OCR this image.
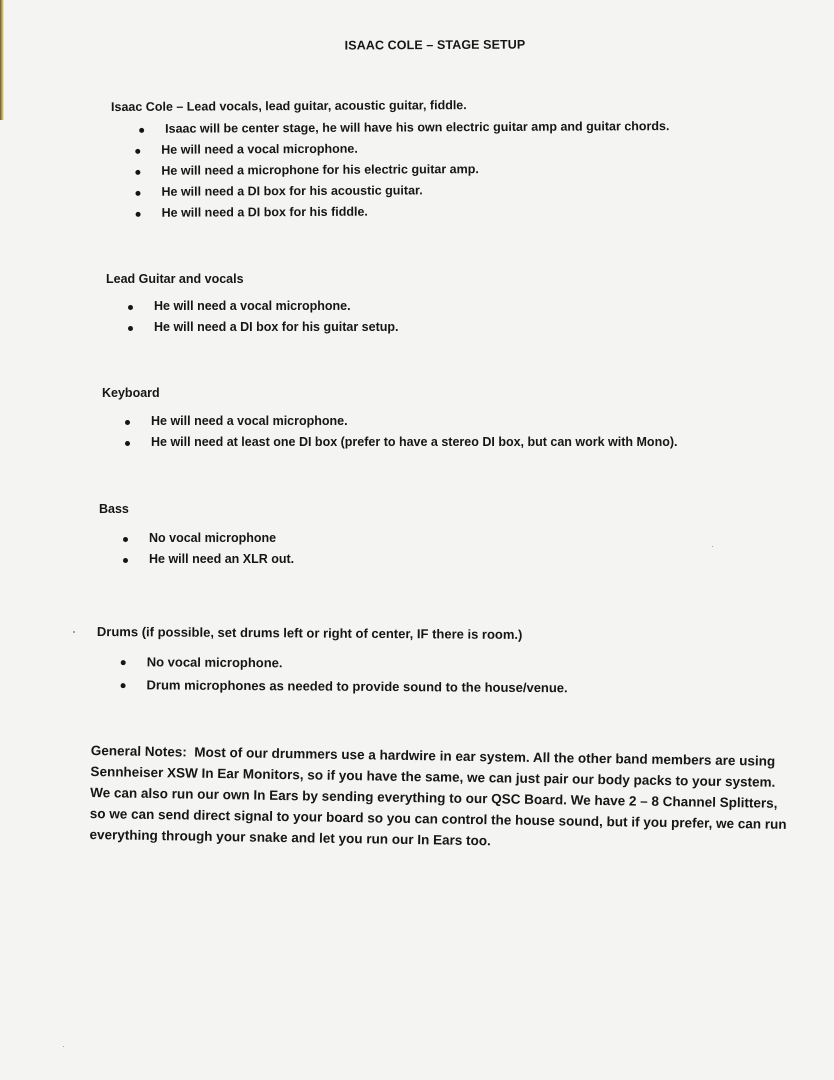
ISAAC COLE – STAGE SETUP

Isaac Cole – Lead vocals, lead guitar, acoustic guitar, fiddle.

Isaac will be center stage, he will have his own electric guitar amp and guitar chords.
He will need a vocal microphone.
He will need a microphone for his electric guitar amp.
He will need a DI box for his acoustic guitar.
He will need a DI box for his fiddle.

Lead Guitar and vocals

He will need a vocal microphone.
He will need a DI box for his guitar setup.

Keyboard

He will need a vocal microphone.
He will need at least one DI box (prefer to have a stereo DI box, but can work with Mono).

Bass

No vocal microphone
He will need an XLR out.

Drums (if possible, set drums left or right of center, IF there is room.)

No vocal microphone.
Drum microphones as needed to provide sound to the house/venue.
General Notes: Most of our drummers use a hardwire in ear system. All the other band members are using Sennheiser XSW In Ear Monitors, so if you have the same, we can just pair our body packs to your system. We can also run our own In Ears by sending everything to our QSC Board. We have 2 – 8 Channel Splitters, so we can send direct signal to your board so you can control the house sound, but if you prefer, we can run everything through your snake and let you run our In Ears too.
